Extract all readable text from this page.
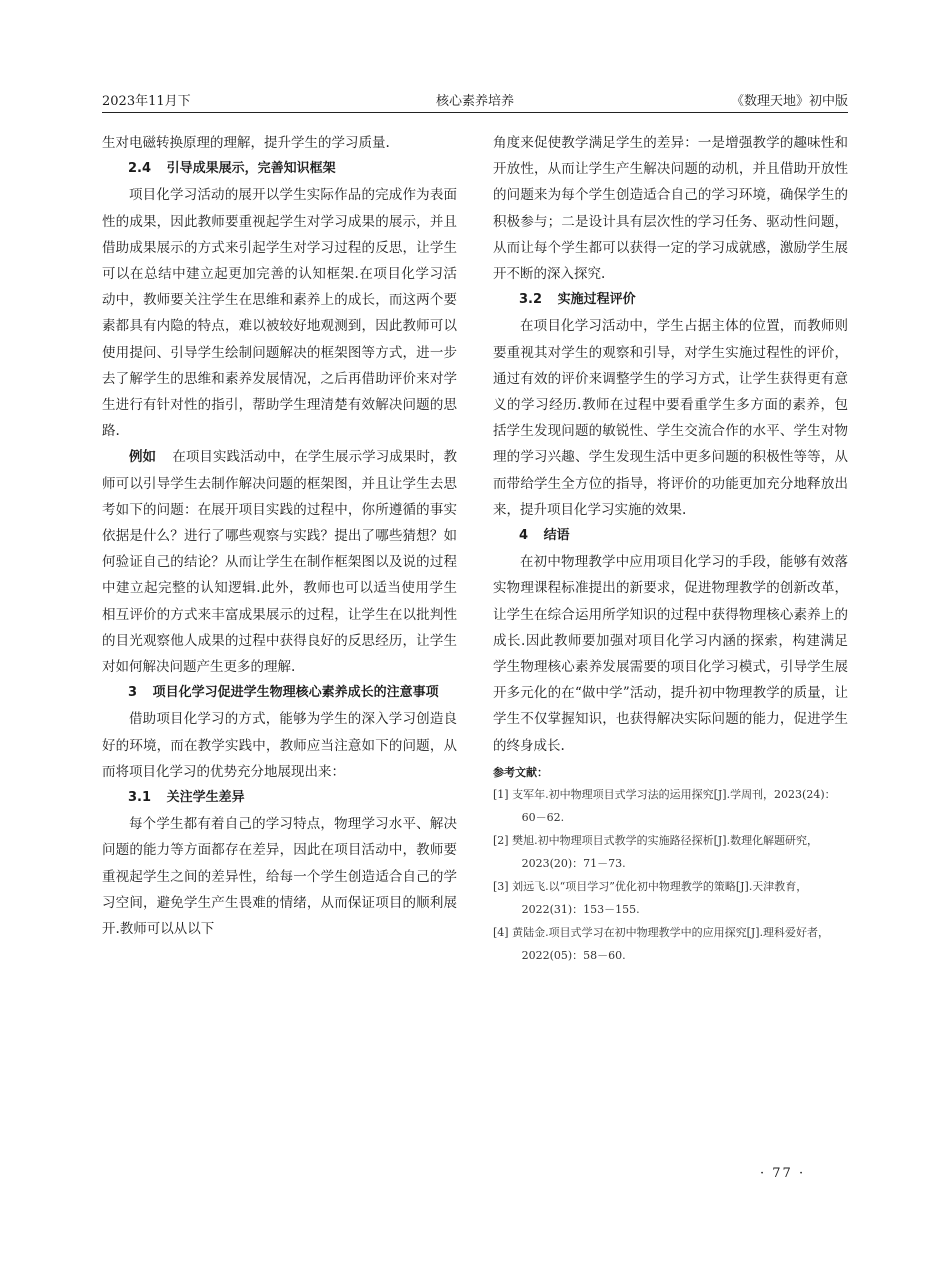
2023年11月下	核心素养培养	《数理天地》初中版

生对电磁转换原理的理解，提升学生的学习质量.

2.4 引导成果展示，完善知识框架

项目化学习活动的展开以学生实际作品的完成作为表面性的成果，因此教师要重视起学生对学习成果的展示，并且借助成果展示的方式来引起学生对学习过程的反思，让学生可以在总结中建立起更加完善的认知框架.在项目化学习活动中，教师要关注学生在思维和素养上的成长，而这两个要素都具有内隐的特点，难以被较好地观测到，因此教师可以使用提问、引导学生绘制问题解决的框架图等方式，进一步去了解学生的思维和素养发展情况，之后再借助评价来对学生进行有针对性的指引，帮助学生理清楚有效解决问题的思路.

例如 在项目实践活动中，在学生展示学习成果时，教师可以引导学生去制作解决问题的框架图，并且让学生去思考如下的问题：在展开项目实践的过程中，你所遵循的事实依据是什么？进行了哪些观察与实践？提出了哪些猜想？如何验证自己的结论？从而让学生在制作框架图以及说的过程中建立起完整的认知逻辑.此外，教师也可以适当使用学生相互评价的方式来丰富成果展示的过程，让学生在以批判性的目光观察他人成果的过程中获得良好的反思经历，让学生对如何解决问题产生更多的理解.

3 项目化学习促进学生物理核心素养成长的注意事项

借助项目化学习的方式，能够为学生的深入学习创造良好的环境，而在教学实践中，教师应当注意如下的问题，从而将项目化学习的优势充分地展现出来：

3.1 关注学生差异

每个学生都有着自己的学习特点，物理学习水平、解决问题的能力等方面都存在差异，因此在项目活动中，教师要重视起学生之间的差异性，给每一个学生创造适合自己的学习空间，避免学生产生畏难的情绪，从而保证项目的顺利展开.教师可以从以下

角度来促使教学满足学生的差异：一是增强教学的趣味性和开放性，从而让学生产生解决问题的动机，并且借助开放性的问题来为每个学生创造适合自己的学习环境，确保学生的积极参与；二是设计具有层次性的学习任务、驱动性问题，从而让每个学生都可以获得一定的学习成就感，激励学生展开不断的深入探究.

3.2 实施过程评价

在项目化学习活动中，学生占据主体的位置，而教师则要重视其对学生的观察和引导，对学生实施过程性的评价，通过有效的评价来调整学生的学习方式，让学生获得更有意义的学习经历.教师在过程中要看重学生多方面的素养，包括学生发现问题的敏锐性、学生交流合作的水平、学生对物理的学习兴趣、学生发现生活中更多问题的积极性等等，从而带给学生全方位的指导，将评价的功能更加充分地释放出来，提升项目化学习实施的效果.

4 结语

在初中物理教学中应用项目化学习的手段，能够有效落实物理课程标准提出的新要求，促进物理教学的创新改革，让学生在综合运用所学知识的过程中获得物理核心素养上的成长.因此教师要加强对项目化学习内涵的探索，构建满足学生物理核心素养发展需要的项目化学习模式，引导学生展开多元化的在“做中学”活动，提升初中物理教学的质量，让学生不仅掌握知识，也获得解决实际问题的能力，促进学生的终身成长.

参考文献：

[1] 支军年.初中物理项目式学习法的运用探究[J].学周刊，2023(24)：60－62.

[2] 樊旭.初中物理项目式教学的实施路径探析[J].数理化解题研究，2023(20)：71－73.

[3] 刘远飞.以“项目学习”优化初中物理教学的策略[J].天津教育，2022(31)：153－155.

[4] 黄陆金.项目式学习在初中物理教学中的应用探究[J].理科爱好者，2022(05)：58－60.

· 77 ·
